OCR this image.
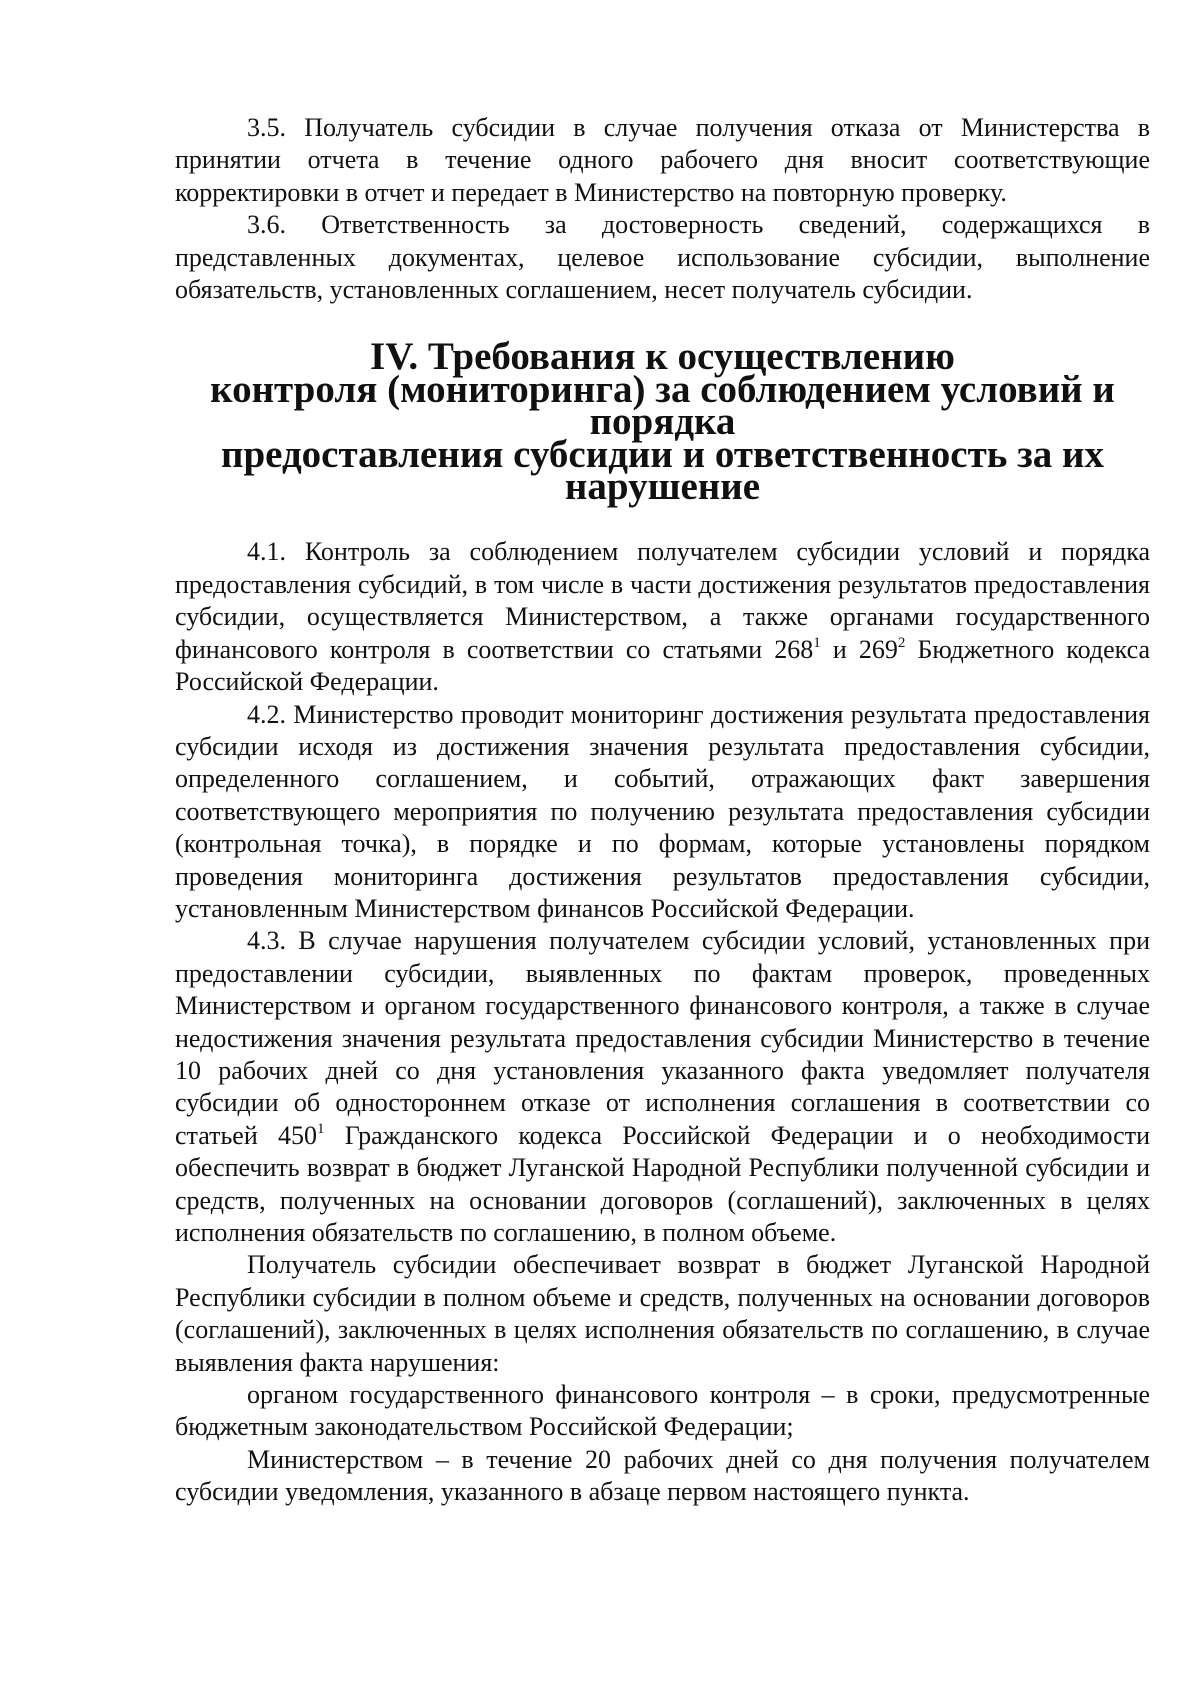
3.5. Получатель субсидии в случае получения отказа от Министерства в принятии отчета в течение одного рабочего дня вносит соответствующие корректировки в отчет и передает в Министерство на повторную проверку.

3.6. Ответственность за достоверность сведений, содержащихся в представленных документах, целевое использование субсидии, выполнение обязательств, установленных соглашением, несет получатель субсидии.

IV. Требования к осуществлению
контроля (мониторинга) за соблюдением условий и порядка
предоставления субсидии и ответственность за их нарушение

4.1. Контроль за соблюдением получателем субсидии условий и порядка предоставления субсидий, в том числе в части достижения результатов предоставления субсидии, осуществляется Министерством, а также органами государственного финансового контроля в соответствии со статьями $268^1$ и $269^2$ Бюджетного кодекса Российской Федерации.

4.2. Министерство проводит мониторинг достижения результата предоставления субсидии исходя из достижения значения результата предоставления субсидии, определенного соглашением, и событий, отражающих факт завершения соответствующего мероприятия по получению результата предоставления субсидии (контрольная точка), в порядке и по формам, которые установлены порядком проведения мониторинга достижения результатов предоставления субсидии, установленным Министерством финансов Российской Федерации.

4.3. В случае нарушения получателем субсидии условий, установленных при предоставлении субсидии, выявленных по фактам проверок, проведенных Министерством и органом государственного финансового контроля, а также в случае недостижения значения результата предоставления субсидии Министерство в течение 10 рабочих дней со дня установления указанного факта уведомляет получателя субсидии об одностороннем отказе от исполнения соглашения в соответствии со статьей $450^1$ Гражданского кодекса Российской Федерации и о необходимости обеспечить возврат в бюджет Луганской Народной Республики полученной субсидии и средств, полученных на основании договоров (соглашений), заключенных в целях исполнения обязательств по соглашению, в полном объеме.

Получатель субсидии обеспечивает возврат в бюджет Луганской Народной Республики субсидии в полном объеме и средств, полученных на основании договоров (соглашений), заключенных в целях исполнения обязательств по соглашению, в случае выявления факта нарушения:

органом государственного финансового контроля – в сроки, предусмотренные бюджетным законодательством Российской Федерации;

Министерством – в течение 20 рабочих дней со дня получения получателем субсидии уведомления, указанного в абзаце первом настоящего пункта.
